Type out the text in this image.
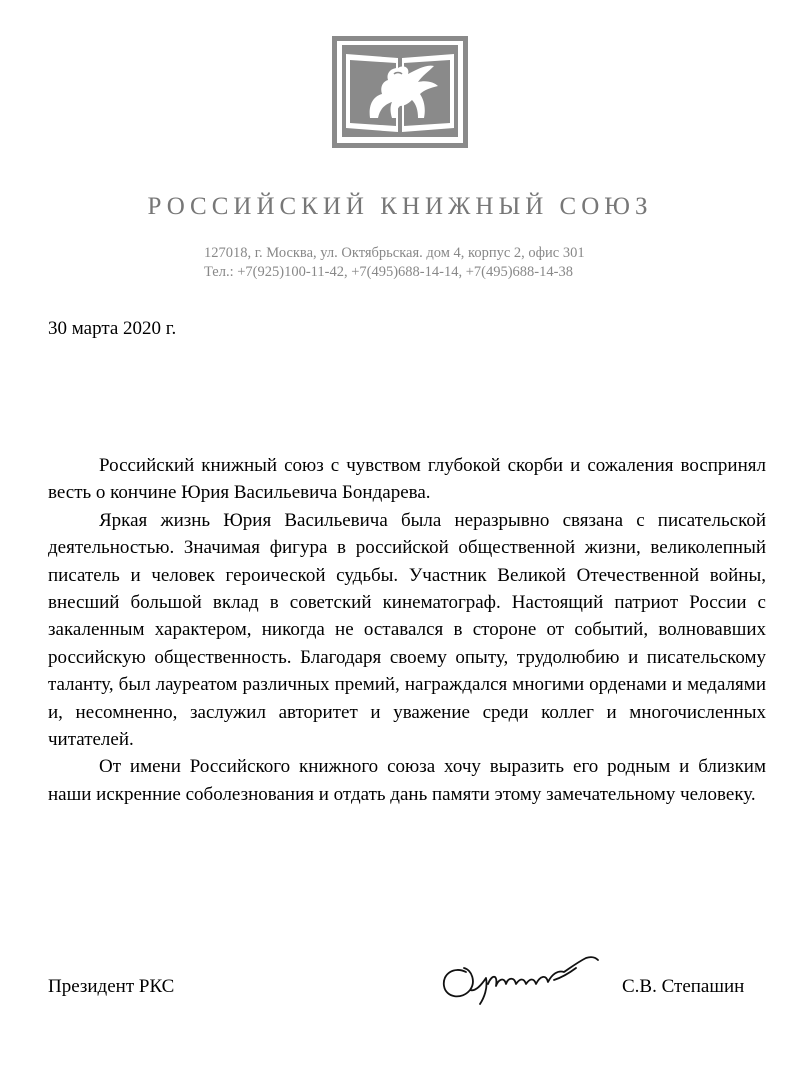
РОССИЙСКИЙ КНИЖНЫЙ СОЮЗ
127018, г. Москва, ул. Октябрьская. дом 4, корпус 2, офис 301
Тел.: +7(925)100-11-42, +7(495)688-14-14, +7(495)688-14-38
30 марта 2020 г.

Российский книжный союз с чувством глубокой скорби и сожаления воспринял весть о кончине Юрия Васильевича Бондарева.

Яркая жизнь Юрия Васильевича была неразрывно связана с писательской деятельностью. Значимая фигура в российской общественной жизни, великолепный писатель и человек героической судьбы. Участник Великой Отечественной войны, внесший большой вклад в советский кинематограф. Настоящий патриот России с закаленным характером, никогда не оставался в стороне от событий, волновавших российскую общественность. Благодаря своему опыту, трудолюбию и писательскому таланту, был лауреатом различных премий, награждался многими орденами и медалями и, несомненно, заслужил авторитет и уважение среди коллег и многочисленных читателей.

От имени Российского книжного союза хочу выразить его родным и близким наши искренние соболезнования и отдать дань памяти этому замечательному человеку.

Президент РКС	С.В. Степашин
